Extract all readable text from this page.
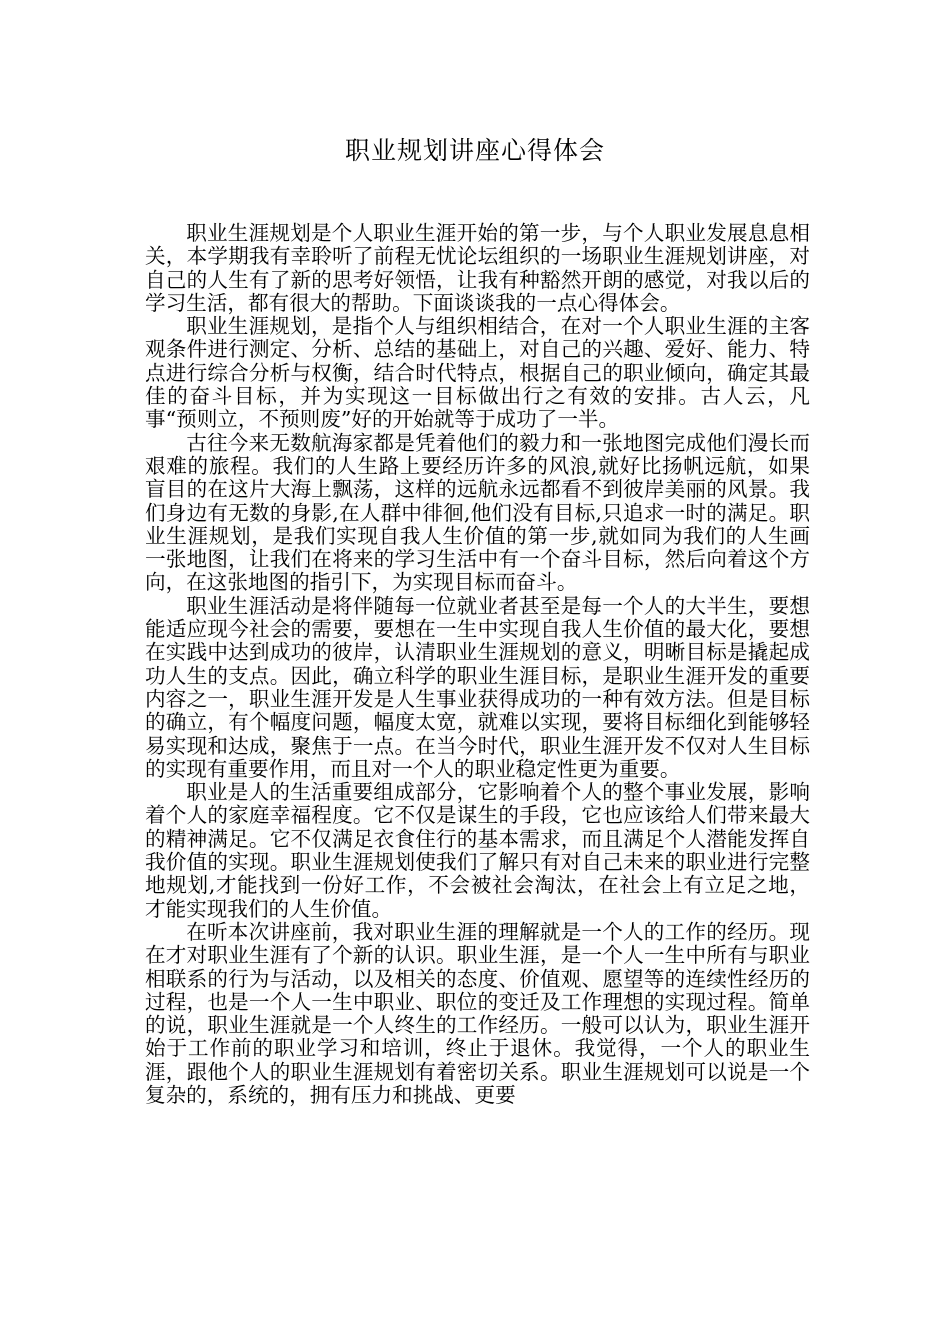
职业规划讲座心得体会

职业生涯规划是个人职业生涯开始的第一步，与个人职业发展息息相关，本学期我有幸聆听了前程无忧论坛组织的一场职业生涯规划讲座，对自己的人生有了新的思考好领悟，让我有种豁然开朗的感觉，对我以后的学习生活，都有很大的帮助。下面谈谈我的一点心得体会。

职业生涯规划，是指个人与组织相结合，在对一个人职业生涯的主客观条件进行测定、分析、总结的基础上，对自己的兴趣、爱好、能力、特点进行综合分析与权衡，结合时代特点，根据自己的职业倾向，确定其最佳的奋斗目标，并为实现这一目标做出行之有效的安排。古人云，凡事“预则立，不预则废”好的开始就等于成功了一半。

古往今来无数航海家都是凭着他们的毅力和一张地图完成他们漫长而艰难的旅程。我们的人生路上要经历许多的风浪,就好比扬帆远航，如果盲目的在这片大海上飘荡，这样的远航永远都看不到彼岸美丽的风景。我们身边有无数的身影,在人群中徘徊,他们没有目标,只追求一时的满足。职业生涯规划，是我们实现自我人生价值的第一步,就如同为我们的人生画一张地图，让我们在将来的学习生活中有一个奋斗目标，然后向着这个方向，在这张地图的指引下，为实现目标而奋斗。

职业生涯活动是将伴随每一位就业者甚至是每一个人的大半生，要想能适应现今社会的需要，要想在一生中实现自我人生价值的最大化，要想在实践中达到成功的彼岸，认清职业生涯规划的意义，明晰目标是撬起成功人生的支点。因此，确立科学的职业生涯目标，是职业生涯开发的重要内容之一，职业生涯开发是人生事业获得成功的一种有效方法。但是目标的确立，有个幅度问题，幅度太宽，就难以实现，要将目标细化到能够轻易实现和达成，聚焦于一点。在当今时代，职业生涯开发不仅对人生目标的实现有重要作用，而且对一个人的职业稳定性更为重要。

职业是人的生活重要组成部分，它影响着个人的整个事业发展，影响着个人的家庭幸福程度。它不仅是谋生的手段，它也应该给人们带来最大的精神满足。它不仅满足衣食住行的基本需求，而且满足个人潜能发挥自我价值的实现。职业生涯规划使我们了解只有对自己未来的职业进行完整地规划,才能找到一份好工作，不会被社会淘汰，在社会上有立足之地，才能实现我们的人生价值。

在听本次讲座前，我对职业生涯的理解就是一个人的工作的经历。现在才对职业生涯有了个新的认识。职业生涯，是一个人一生中所有与职业相联系的行为与活动，以及相关的态度、价值观、愿望等的连续性经历的过程，也是一个人一生中职业、职位的变迁及工作理想的实现过程。简单的说，职业生涯就是一个人终生的工作经历。一般可以认为，职业生涯开始于工作前的职业学习和培训，终止于退休。我觉得，一个人的职业生涯，跟他个人的职业生涯规划有着密切关系。职业生涯规划可以说是一个复杂的，系统的，拥有压力和挑战、更要
